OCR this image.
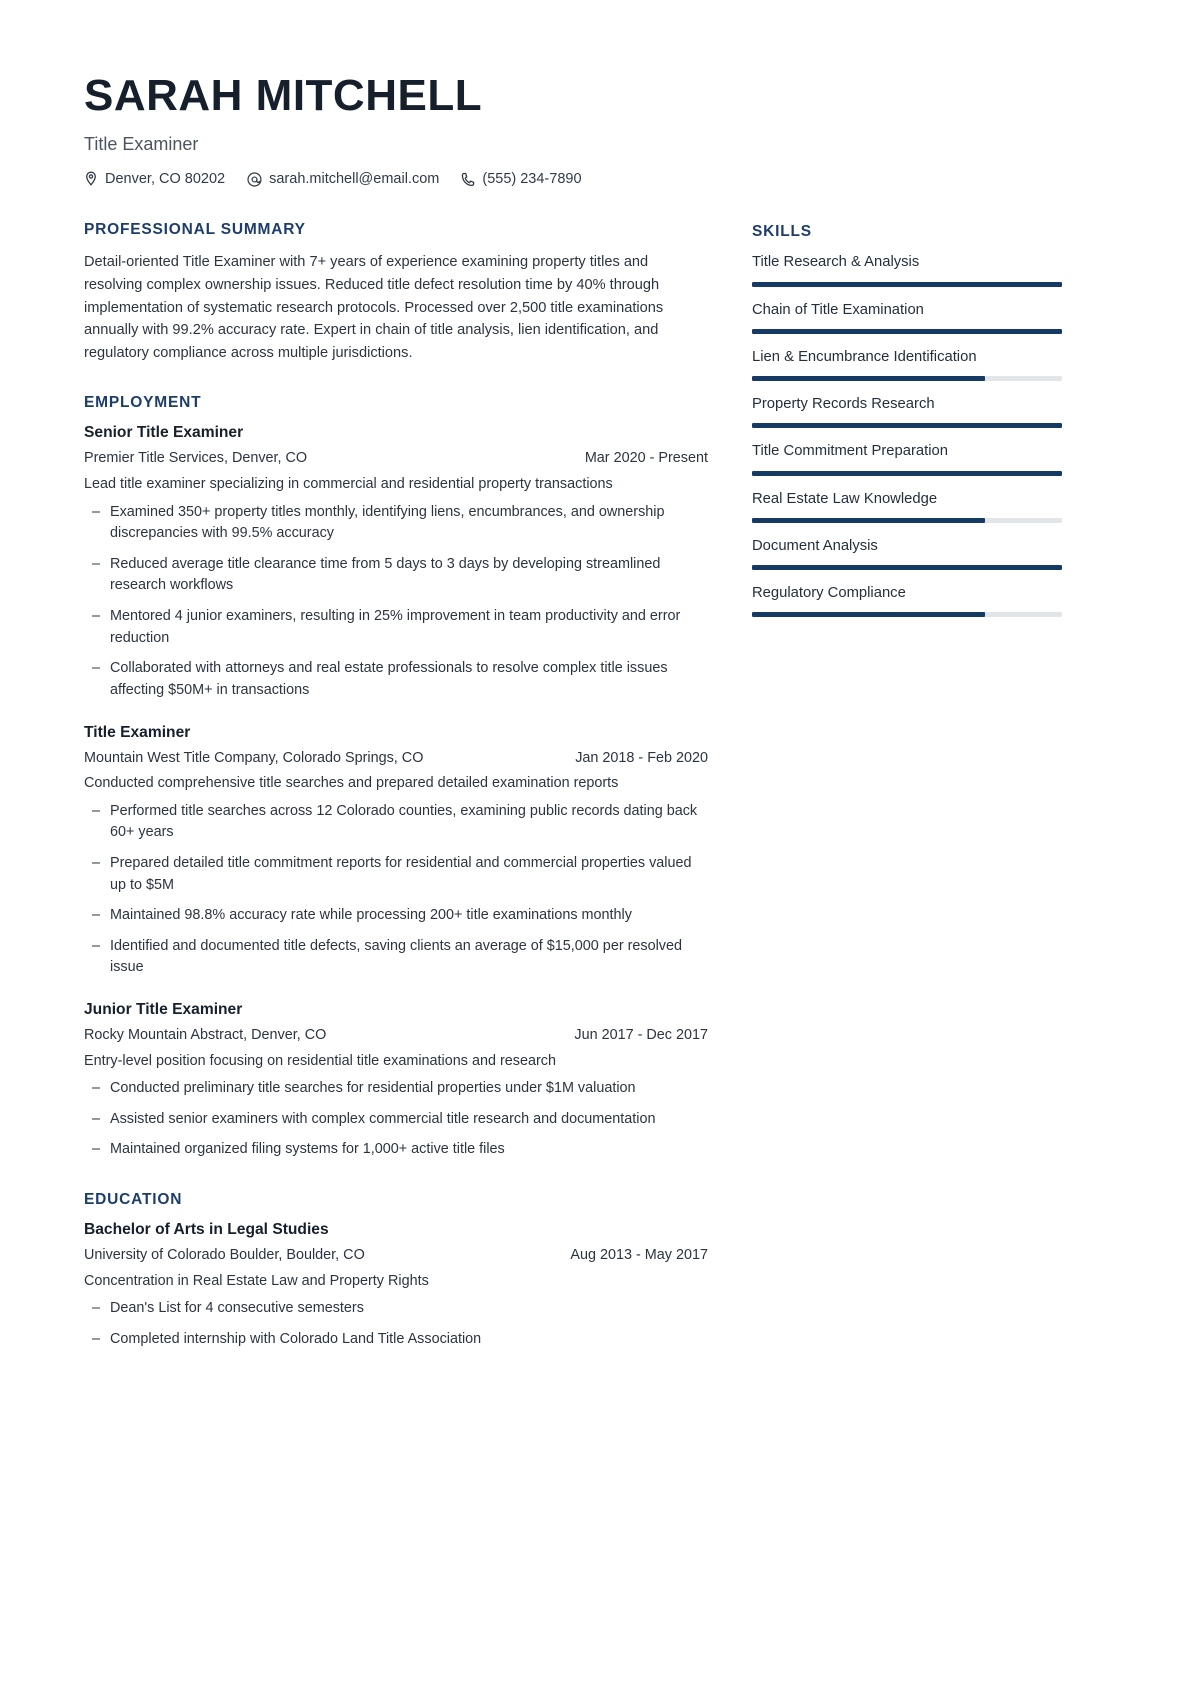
SARAH MITCHELL
Title Examiner
Denver, CO 80202	sarah.mitchell@email.com	(555) 234-7890
PROFESSIONAL SUMMARY
Detail-oriented Title Examiner with 7+ years of experience examining property titles and resolving complex ownership issues. Reduced title defect resolution time by 40% through implementation of systematic research protocols. Processed over 2,500 title examinations annually with 99.2% accuracy rate. Expert in chain of title analysis, lien identification, and regulatory compliance across multiple jurisdictions.
EMPLOYMENT
Senior Title Examiner
Premier Title Services, Denver, CO	Mar 2020 - Present
Lead title examiner specializing in commercial and residential property transactions
– Examined 350+ property titles monthly, identifying liens, encumbrances, and ownership discrepancies with 99.5% accuracy
– Reduced average title clearance time from 5 days to 3 days by developing streamlined research workflows
– Mentored 4 junior examiners, resulting in 25% improvement in team productivity and error reduction
– Collaborated with attorneys and real estate professionals to resolve complex title issues affecting $50M+ in transactions
Title Examiner
Mountain West Title Company, Colorado Springs, CO	Jan 2018 - Feb 2020
Conducted comprehensive title searches and prepared detailed examination reports
– Performed title searches across 12 Colorado counties, examining public records dating back 60+ years
– Prepared detailed title commitment reports for residential and commercial properties valued up to $5M
– Maintained 98.8% accuracy rate while processing 200+ title examinations monthly
– Identified and documented title defects, saving clients an average of $15,000 per resolved issue
Junior Title Examiner
Rocky Mountain Abstract, Denver, CO	Jun 2017 - Dec 2017
Entry-level position focusing on residential title examinations and research
– Conducted preliminary title searches for residential properties under $1M valuation
– Assisted senior examiners with complex commercial title research and documentation
– Maintained organized filing systems for 1,000+ active title files
EDUCATION
Bachelor of Arts in Legal Studies
University of Colorado Boulder, Boulder, CO	Aug 2013 - May 2017
Concentration in Real Estate Law and Property Rights
– Dean's List for 4 consecutive semesters
– Completed internship with Colorado Land Title Association
SKILLS
Title Research & Analysis
Chain of Title Examination
Lien & Encumbrance Identification
Property Records Research
Title Commitment Preparation
Real Estate Law Knowledge
Document Analysis
Regulatory Compliance
